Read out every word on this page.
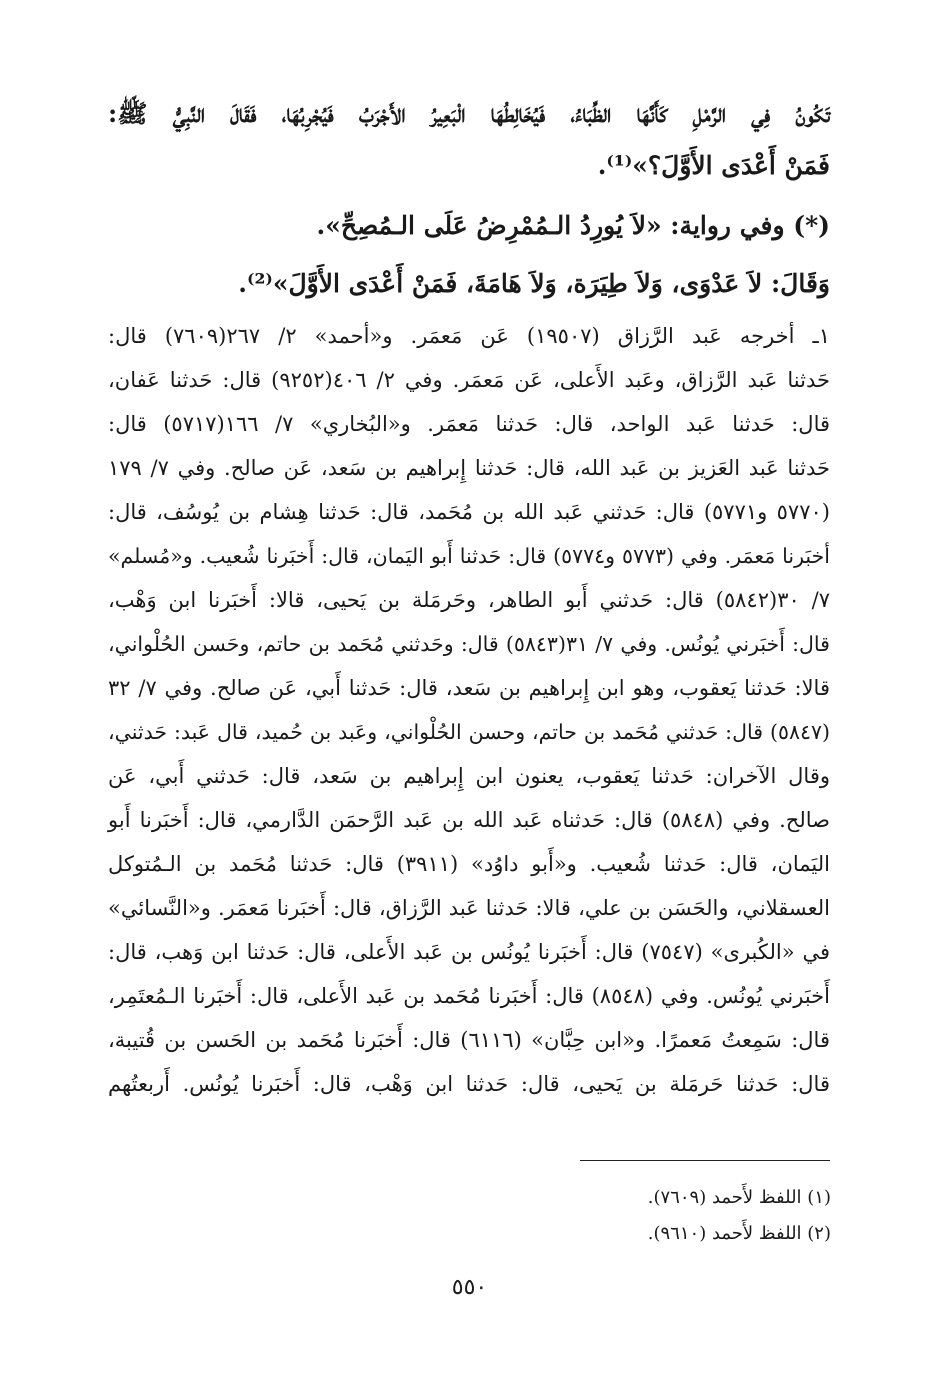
تَكُونُ فِي الرَّمْلِ كَأَنَّهَا الظِّبَاءُ، فَيُخَالِطُهَا الْبَعِيرُ الأَجْرَبُ فَيُجْرِبُهَا، فَقَالَ النَّبِيُّ ﷺ:
فَمَنْ أَعْدَى الأَوَّلَ؟»⁽¹⁾.
(*) وفي رواية: «لاَ يُورِدُ الـمُمْرِضُ عَلَى الـمُصِحِّ».
وَقَالَ: لاَ عَدْوَى، وَلاَ طِيَرَة، وَلاَ هَامَةَ، فَمَنْ أَعْدَى الأَوَّلَ»⁽²⁾.
١ـ أخرجه عَبد الرَّزاق (١٩٥٠٧) عَن مَعمَر. و«أحمد» ٢/ ٢٦٧(٧٦٠٩) قال:
حَدثنا عَبد الرَّزاق، وعَبد الأَعلى، عَن مَعمَر. وفي ٢/ ٤٠٦(٩٢٥٢) قال: حَدثنا عَفان،
قال: حَدثنا عَبد الواحد، قال: حَدثنا مَعمَر. و«البُخاري» ٧/ ١٦٦(٥٧١٧) قال:
حَدثنا عَبد العَزيز بن عَبد الله، قال: حَدثنا إِبراهيم بن سَعد، عَن صالح. وفي ٧/ ١٧٩
(٥٧٧٠ و٥٧٧١) قال: حَدثني عَبد الله بن مُحَمد، قال: حَدثنا هِشام بن يُوسُف، قال:
أخبَرنا مَعمَر. وفي (٥٧٧٣ و٥٧٧٤) قال: حَدثنا أَبو اليَمان، قال: أَخبَرنا شُعيب. و«مُسلم»
٧/ ٣٠(٥٨٤٢) قال: حَدثني أَبو الطاهر، وحَرمَلة بن يَحيى، قالا: أَخبَرنا ابن وَهْب،
قال: أَخبَرني يُونُس. وفي ٧/ ٣١(٥٨٤٣) قال: وحَدثني مُحَمد بن حاتم، وحَسن الحُلْواني،
قالا: حَدثنا يَعقوب، وهو ابن إِبراهيم بن سَعد، قال: حَدثنا أَبي، عَن صالح. وفي ٧/ ٣٢
(٥٨٤٧) قال: حَدثني مُحَمد بن حاتم، وحسن الحُلْواني، وعَبد بن حُميد، قال عَبد: حَدثني،
وقال الآخران: حَدثنا يَعقوب، يعنون ابن إِبراهيم بن سَعد، قال: حَدثني أَبي، عَن
صالح. وفي (٥٨٤٨) قال: حَدثناه عَبد الله بن عَبد الرَّحمَن الدَّارمي، قال: أَخبَرنا أَبو
اليَمان، قال: حَدثنا شُعيب. و«أَبو داوُد» (٣٩١١) قال: حَدثنا مُحَمد بن الـمُتوكل
العسقلاني، والحَسَن بن علي، قالا: حَدثنا عَبد الرَّزاق، قال: أَخبَرنا مَعمَر. و«النَّسائي»
في «الكُبرى» (٧٥٤٧) قال: أَخبَرنا يُونُس بن عَبد الأَعلى، قال: حَدثنا ابن وَهب، قال:
أَخبَرني يُونُس. وفي (٨٥٤٨) قال: أَخبَرنا مُحَمد بن عَبد الأَعلى، قال: أَخبَرنا الـمُعتَمِر،
قال: سَمِعتُ مَعمرًا. و«ابن حِبَّان» (٦١١٦) قال: أَخبَرنا مُحَمد بن الحَسن بن قُتيبة،
قال: حَدثنا حَرمَلة بن يَحيى، قال: حَدثنا ابن وَهْب، قال: أَخبَرنا يُونُس. أَربعتُهم
(١) اللفظ لأَحمد (٧٦٠٩).
(٢) اللفظ لأَحمد (٩٦١٠).
٥٥٠
